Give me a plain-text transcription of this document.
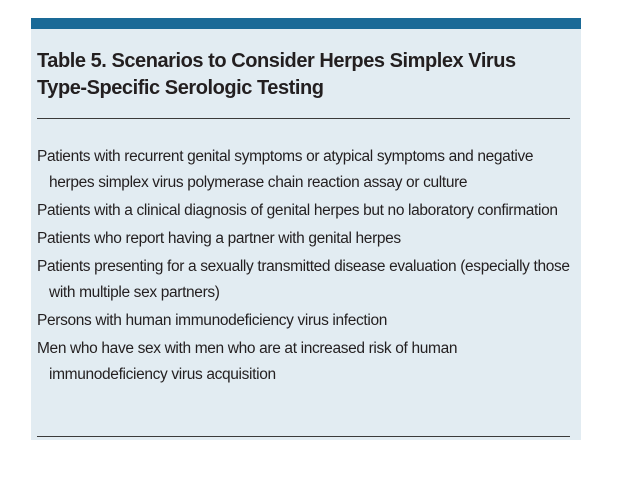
Table 5. Scenarios to Consider Herpes Simplex Virus
Type-Specific Serologic Testing
Patients with recurrent genital symptoms or atypical symptoms and negative herpes simplex virus polymerase chain reaction assay or culture
Patients with a clinical diagnosis of genital herpes but no laboratory confirmation
Patients who report having a partner with genital herpes
Patients presenting for a sexually transmitted disease evaluation (especially those with multiple sex partners)
Persons with human immunodeficiency virus infection
Men who have sex with men who are at increased risk of human immunodeficiency virus acquisition
